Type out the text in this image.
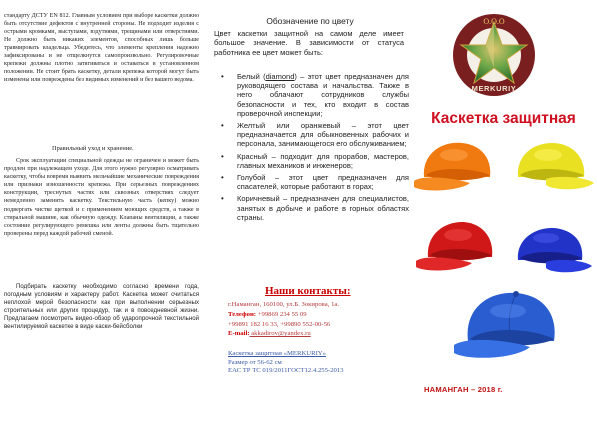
стандарту ДСТУ EN 812. Главным условием при выборе каскетки должно быть отсутствие дефектов с внутренней стороны. Не подходит изделия с острыми кромками, выступами, вздутиями, трещинами или отверстиями. Не должно быть никаких элементов, способных лишь больше травмировать владельца. Убедитесь, что элементы крепления надежно зафиксированы и не отщелкнутся самопроизвольно. Регулировочные крепежи должны плотно затягиваться и оставаться в установленном положении. Не стоит брать каскетку, детали крепежа которой могут быть изменены или повреждены без видимых изменений и без вашего ведома.

Правильный уход и хранение.

Срок эксплуатации специальной одежды не ограничен и может быть продлен при надлежащем уходе. Для этого нужно регулярно осматривать каскетку, чтобы вовремя выявить мельчайшие механические повреждения или признаки изношенности крепежа. При серьезных повреждениях конструкции, треснутых частях или сквозных отверстиях следует немедленно заменить каскетку. Текстильную часть (кепку) можно подвергать чистке щеткой и с применением моющих средств, а также в стиральной машине, как обычную одежду. Клапаны вентиляции, а также состояние регулирующего ремешка или ленты должны быть тщательно проверены перед каждой рабочей сменой.

Подбирать каскетку необходимо согласно времени года, погодным условиям и характеру работ. Каскетка может считаться неплохой мерой безопасности как при выполнении серьезных строительных или других процедур, так и в повседневной жизни. Предлагаем посмотреть видео-обзор об ударопрочной текстильной вентилируемой каскетке в виде каски-бейсболки

Обозначение по цвету

Цвет каскетки защитной на самом деле имеет большое значение. В зависимости от статуса работника ее цвет может быть:

• Белый (diamond) – этот цвет предназначен для руководящего состава и начальства. Также в него облачают сотрудников службы безопасности и тех, кто входит в состав проверочной инспекции;
• Желтый или оранжевый – этот цвет предназначается для обыкновенных рабочих и персонала, занимающегося его обслуживанием;
• Красный – подходит для прорабов, мастеров, главных механиков и инженеров;
• Голубой – этот цвет предназначен для спасателей, которые работают в горах;
• Коричневый – предназначен для специалистов, занятых в добыче и работе в горных областях страны.

Наши контакты:

г.Наманган, 160100, ул.Б. Зокирова, 1а.
Телефон: +99869 234 55 09
+99891 182 16 33, +99890 552-00-56
E-mail: akkadirov@yandex.ru
Каскетка защитная «MERKURIY»
Размер от 56-62 см
ЕАС ТР ТС 019/2011ГОСТ12.4.255-2013
O.O.O
MERKURIY

Каскетка защитная

НАМАНГАН – 2018 г.
